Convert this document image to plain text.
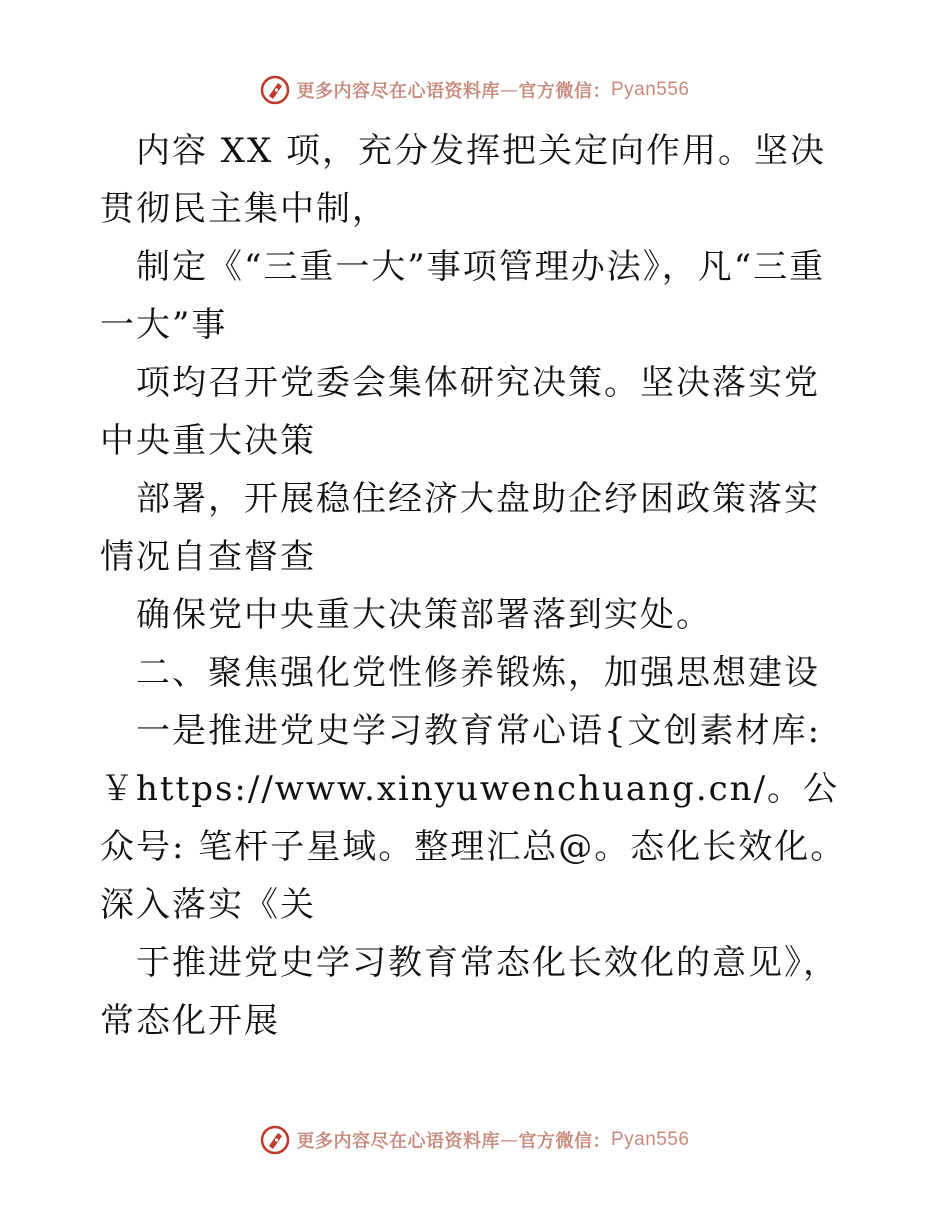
更多内容尽在心语资料库 — 官方微信： Pyan556

内容 XX 项，充分发挥把关定向作用。坚决贯彻民主集中制，

制定《“三重一大”事项管理办法》，凡“三重一大”事

项均召开党委会集体研究决策。坚决落实党中央重大决策

部署，开展稳住经济大盘助企纾困政策落实情况自查督查

确保党中央重大决策部署落到实处。

二、聚焦强化党性修养锻炼，加强思想建设

一是推进党史学习教育常心语{文创素材库:￥https://www.xinyuwenchuang.cn/。公众号: 笔杆子星域。整理汇总@。态化长效化。深入落实《关

于推进党史学习教育常态化长效化的意见》，常态化开展

更多内容尽在心语资料库 — 官方微信： Pyan556
